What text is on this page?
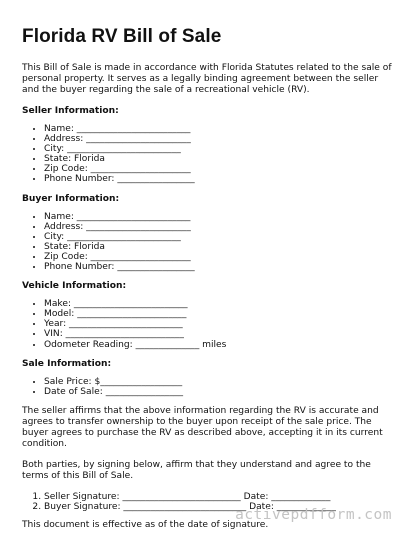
Florida RV Bill of Sale

This Bill of Sale is made in accordance with Florida Statutes related to the sale of personal property. It serves as a legally binding agreement between the seller and the buyer regarding the sale of a recreational vehicle (RV).

Seller Information:
• Name: _________________________
• Address: _______________________
• City: _________________________
• State: Florida
• Zip Code: ______________________
• Phone Number: _________________
Buyer Information:
• Name: _________________________
• Address: _______________________
• City: _________________________
• State: Florida
• Zip Code: ______________________
• Phone Number: _________________
Vehicle Information:
• Make: _________________________
• Model: ________________________
• Year: _________________________
• VIN: __________________________
• Odometer Reading: ______________ miles
Sale Information:
• Sale Price: $__________________
• Date of Sale: _________________

The seller affirms that the above information regarding the RV is accurate and agrees to transfer ownership to the buyer upon receipt of the sale price. The buyer agrees to purchase the RV as described above, accepting it in its current condition.

Both parties, by signing below, affirm that they understand and agree to the terms of this Bill of Sale.

1. Seller Signature: __________________________ Date: _____________
2. Buyer Signature: ___________________________ Date: _____________

This document is effective as of the date of signature.

activepdfform.com
